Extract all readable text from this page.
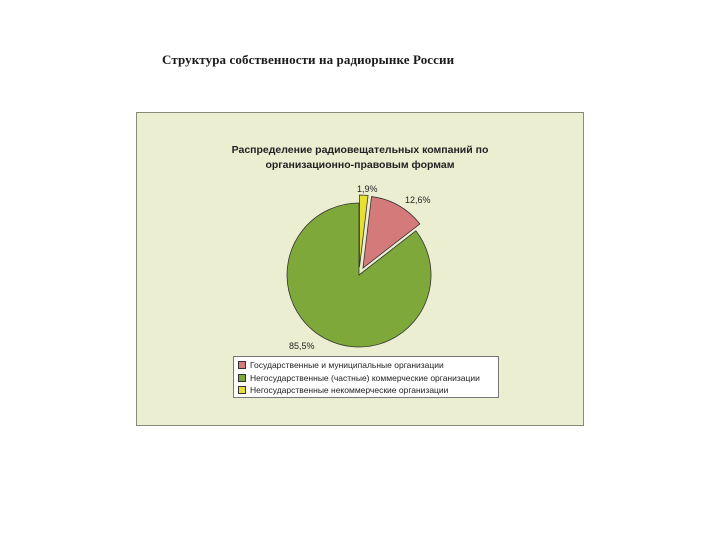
Структура собственности на радиорынке России
Распределение радиовещательных компаний по
организационно-правовым формам
12,6%
85,5%
1,9%
Государственные и муниципальные организации
Негосударственные (частные) коммерческие организации
Негосударственные некоммерческие организации
